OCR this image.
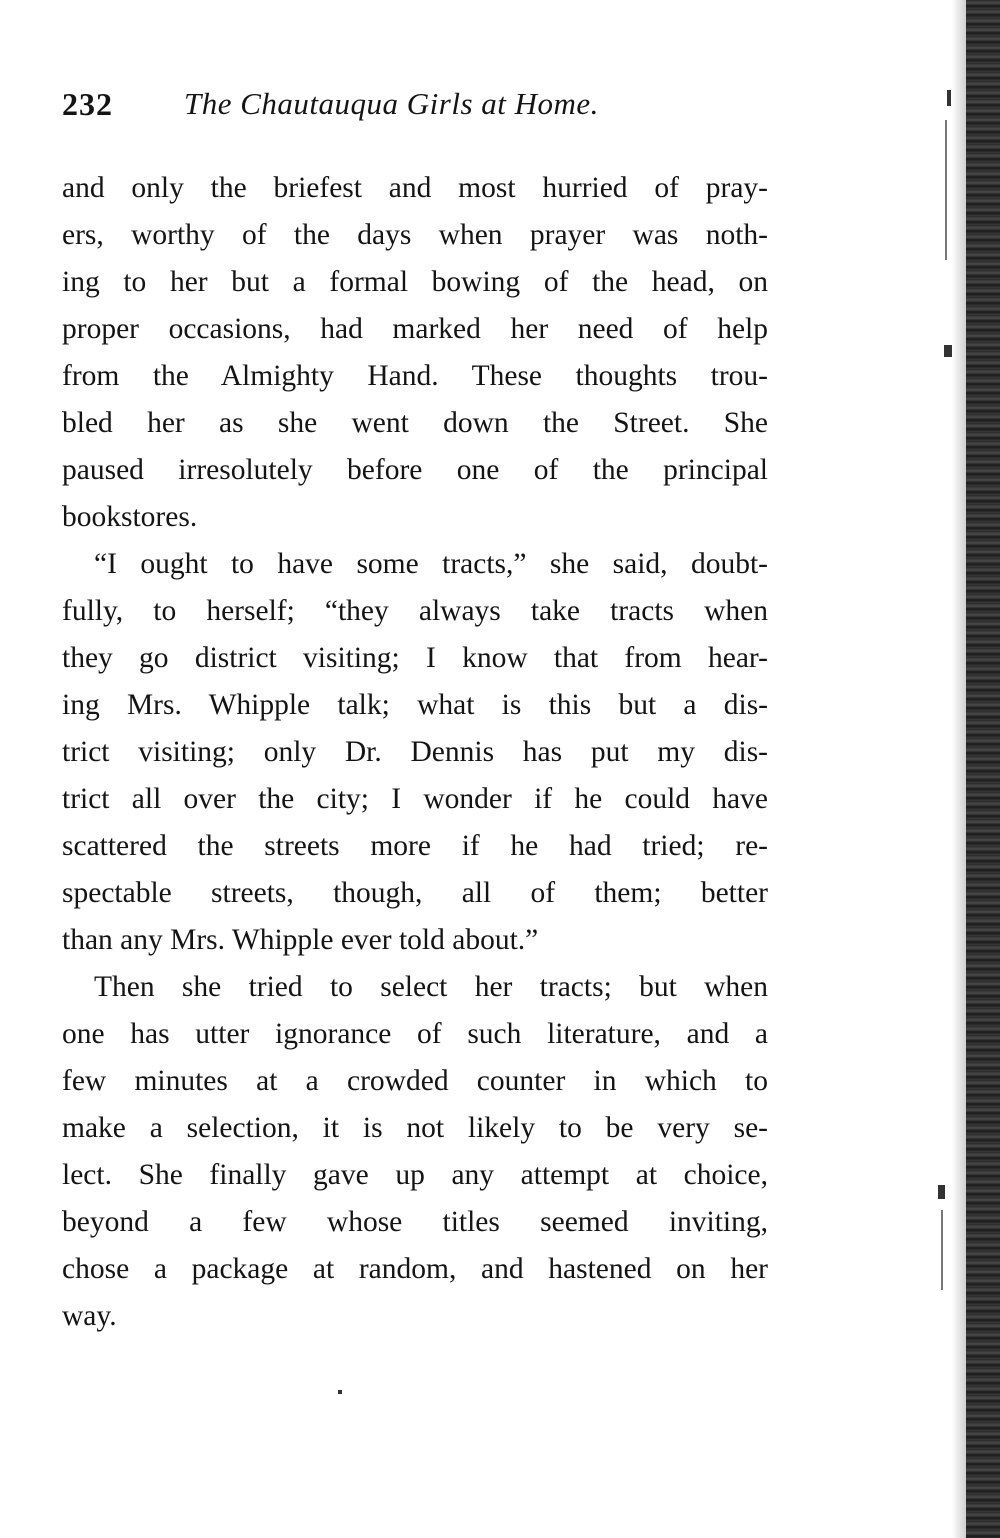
232 The Chautauqua Girls at Home.
and only the briefest and most hurried of pray-
ers, worthy of the days when prayer was noth-
ing to her but a formal bowing of the head, on
proper occasions, had marked her need of help
from the Almighty Hand. These thoughts trou-
bled her as she went down the Street. She
paused irresolutely before one of the principal
bookstores.
“I ought to have some tracts,” she said, doubt-
fully, to herself; “they always take tracts when
they go district visiting; I know that from hear-
ing Mrs. Whipple talk; what is this but a dis-
trict visiting; only Dr. Dennis has put my dis-
trict all over the city; I wonder if he could have
scattered the streets more if he had tried; re-
spectable streets, though, all of them; better
than any Mrs. Whipple ever told about.”
Then she tried to select her tracts; but when
one has utter ignorance of such literature, and a
few minutes at a crowded counter in which to
make a selection, it is not likely to be very se-
lect. She finally gave up any attempt at choice,
beyond a few whose titles seemed inviting,
chose a package at random, and hastened on her
way.
